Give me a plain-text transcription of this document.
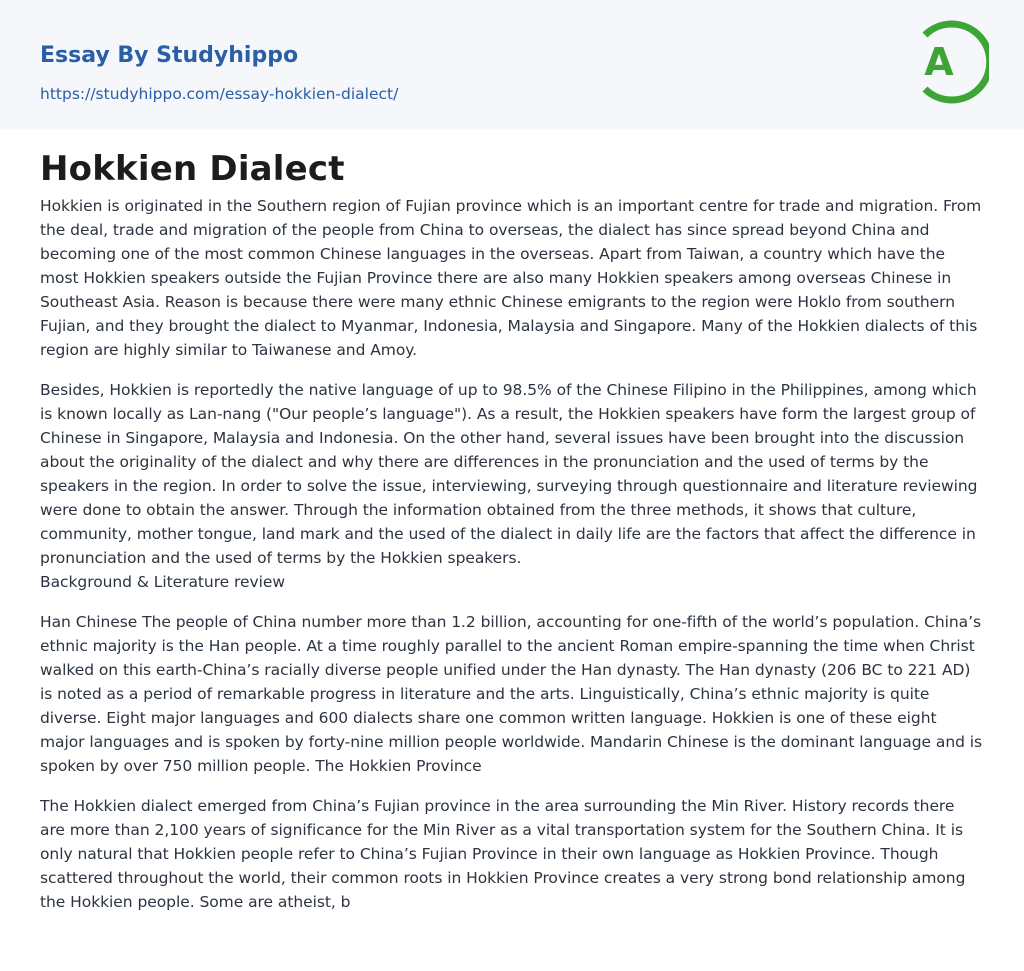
Essay By Studyhippo
https://studyhippo.com/essay-hokkien-dialect/
A
Hokkien Dialect

Hokkien is originated in the Southern region of Fujian province which is an important centre for trade and migration. From the deal, trade and migration of the people from China to overseas, the dialect has since spread beyond China and becoming one of the most common Chinese languages in the overseas. Apart from Taiwan, a country which have the most Hokkien speakers outside the Fujian Province there are also many Hokkien speakers among overseas Chinese in Southeast Asia. Reason is because there were many ethnic Chinese emigrants to the region were Hoklo from southern Fujian, and they brought the dialect to Myanmar, Indonesia, Malaysia and Singapore. Many of the Hokkien dialects of this region are highly similar to Taiwanese and Amoy.

Besides, Hokkien is reportedly the native language of up to 98.5% of the Chinese Filipino in the Philippines, among which is known locally as Lan-nang ("Our people’s language"). As a result, the Hokkien speakers have form the largest group of Chinese in Singapore, Malaysia and Indonesia. On the other hand, several issues have been brought into the discussion about the originality of the dialect and why there are differences in the pronunciation and the used of terms by the speakers in the region. In order to solve the issue, interviewing, surveying through questionnaire and literature reviewing were done to obtain the answer. Through the information obtained from the three methods, it shows that culture, community, mother tongue, land mark and the used of the dialect in daily life are the factors that affect the difference in pronunciation and the used of terms by the Hokkien speakers.
Background & Literature review

Han Chinese The people of China number more than 1.2 billion, accounting for one-fifth of the world’s population. China’s ethnic majority is the Han people. At a time roughly parallel to the ancient Roman empire-spanning the time when Christ walked on this earth-China’s racially diverse people unified under the Han dynasty. The Han dynasty (206 BC to 221 AD) is noted as a period of remarkable progress in literature and the arts. Linguistically, China’s ethnic majority is quite diverse. Eight major languages and 600 dialects share one common written language. Hokkien is one of these eight major languages and is spoken by forty-nine million people worldwide. Mandarin Chinese is the dominant language and is spoken by over 750 million people. The Hokkien Province

The Hokkien dialect emerged from China’s Fujian province in the area surrounding the Min River. History records there are more than 2,100 years of significance for the Min River as a vital transportation system for the Southern China. It is only natural that Hokkien people refer to China’s Fujian Province in their own language as Hokkien Province. Though scattered throughout the world, their common roots in Hokkien Province creates a very strong bond relationship among the Hokkien people. Some are atheist, b
